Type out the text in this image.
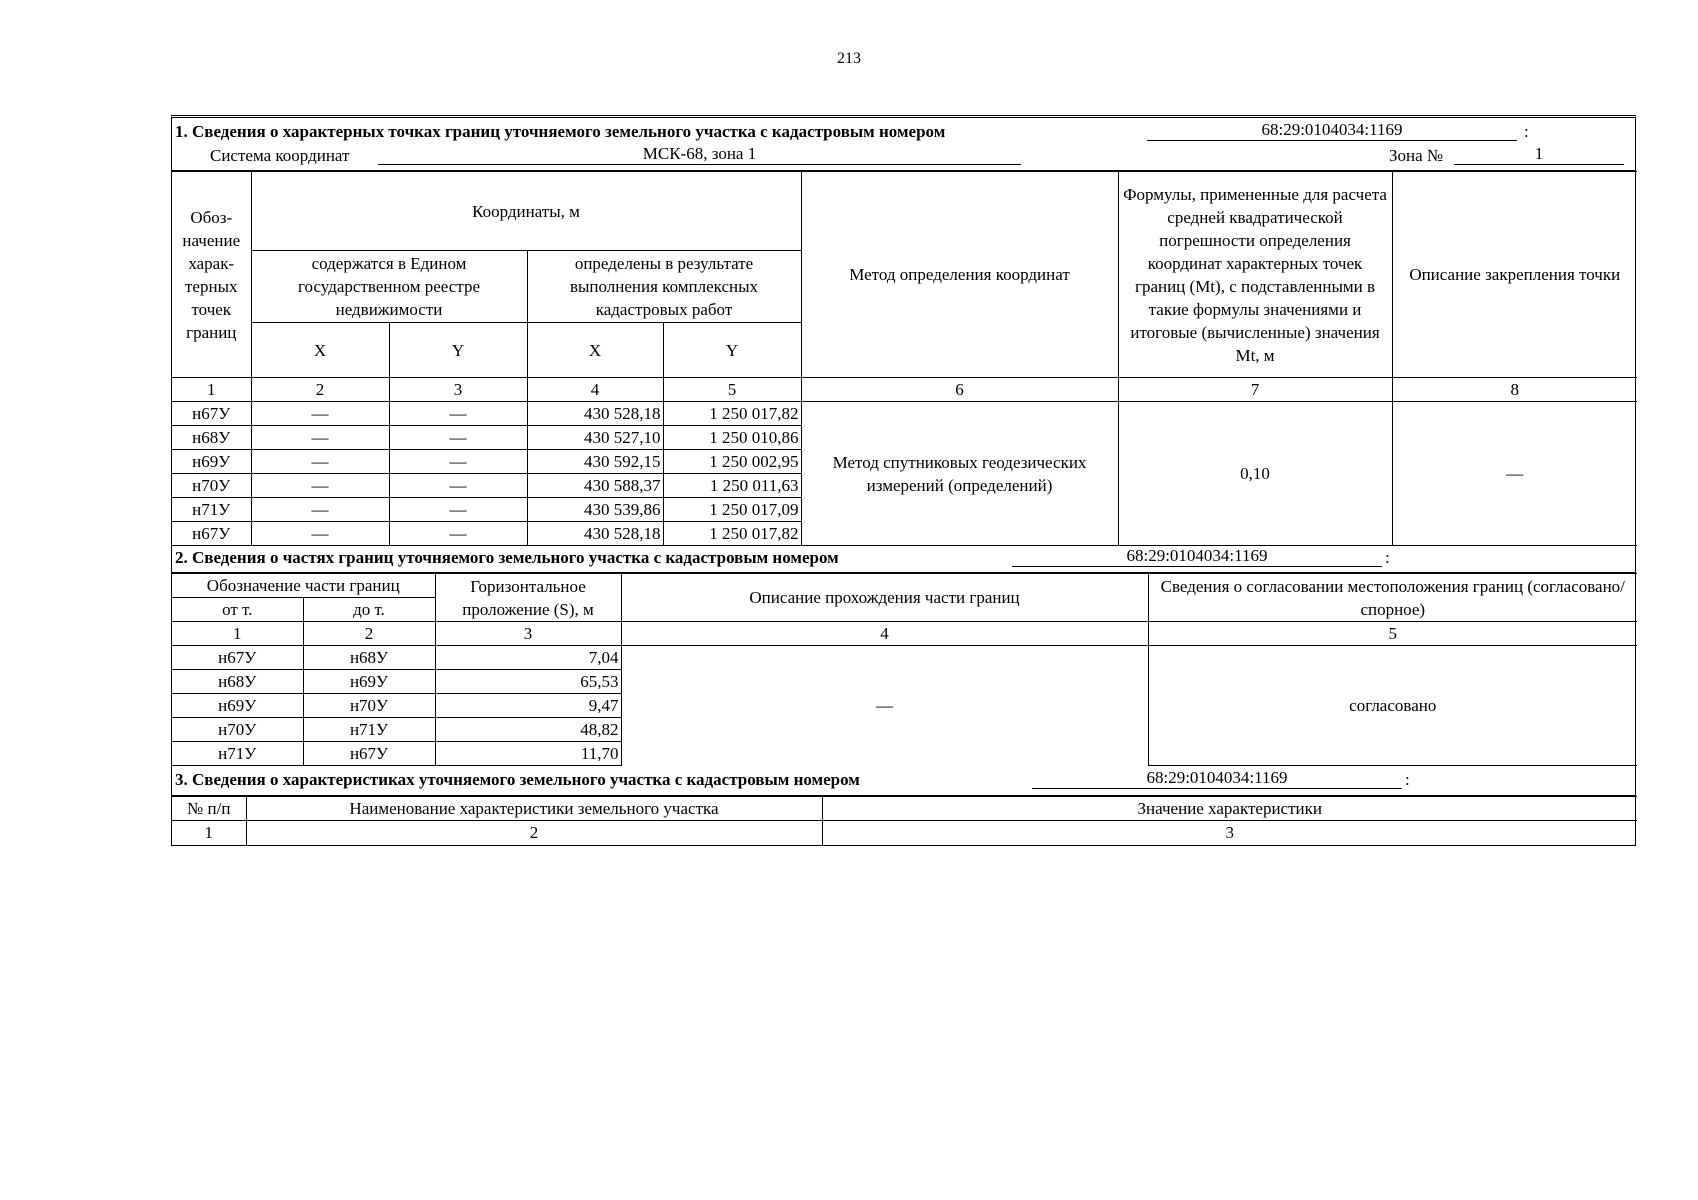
213
1. Сведения о характерных точках границ уточняемого земельного участка с кадастровым номером	68:29:0104034:1169	:
Система координат	МСК-68, зона 1	Зона №	1
Обоз-начение харак-терных точек границ	Координаты, м				Метод определения координат	Формулы, примененные для расчета средней квадратической погрешности определения координат характерных точек границ (Mt), с подставленными в такие формулы значениями и итоговые (вычисленные) значения Mt, м	Описание закрепления точки
	содержатся в Едином государственном реестре недвижимости		определены в результате выполнения комплексных кадастровых работ				
	X	Y	X	Y			
1	2	3	4	5	6	7	8
н67У	—	—	430 528,18	1 250 017,82	Метод спутниковых геодезических измерений (определений)	0,10	—
н68У	—	—	430 527,10	1 250 010,86			
н69У	—	—	430 592,15	1 250 002,95			
н70У	—	—	430 588,37	1 250 011,63			
н71У	—	—	430 539,86	1 250 017,09			
н67У	—	—	430 528,18	1 250 017,82			
2. Сведения о частях границ уточняемого земельного участка с кадастровым номером	68:29:0104034:1169	:
Обозначение части границ		Горизонтальное проложение (S), м	Описание прохождения части границ	Сведения о согласовании местоположения границ (согласовано/спорное)
от т.	до т.			
1	2	3	4	5
н67У	н68У	7,04	—	согласовано
н68У	н69У	65,53		
н69У	н70У	9,47		
н70У	н71У	48,82		
н71У	н67У	11,70		
3. Сведения о характеристиках уточняемого земельного участка с кадастровым номером	68:29:0104034:1169	:
№ п/п	Наименование характеристики земельного участка	Значение характеристики
1	2	3
